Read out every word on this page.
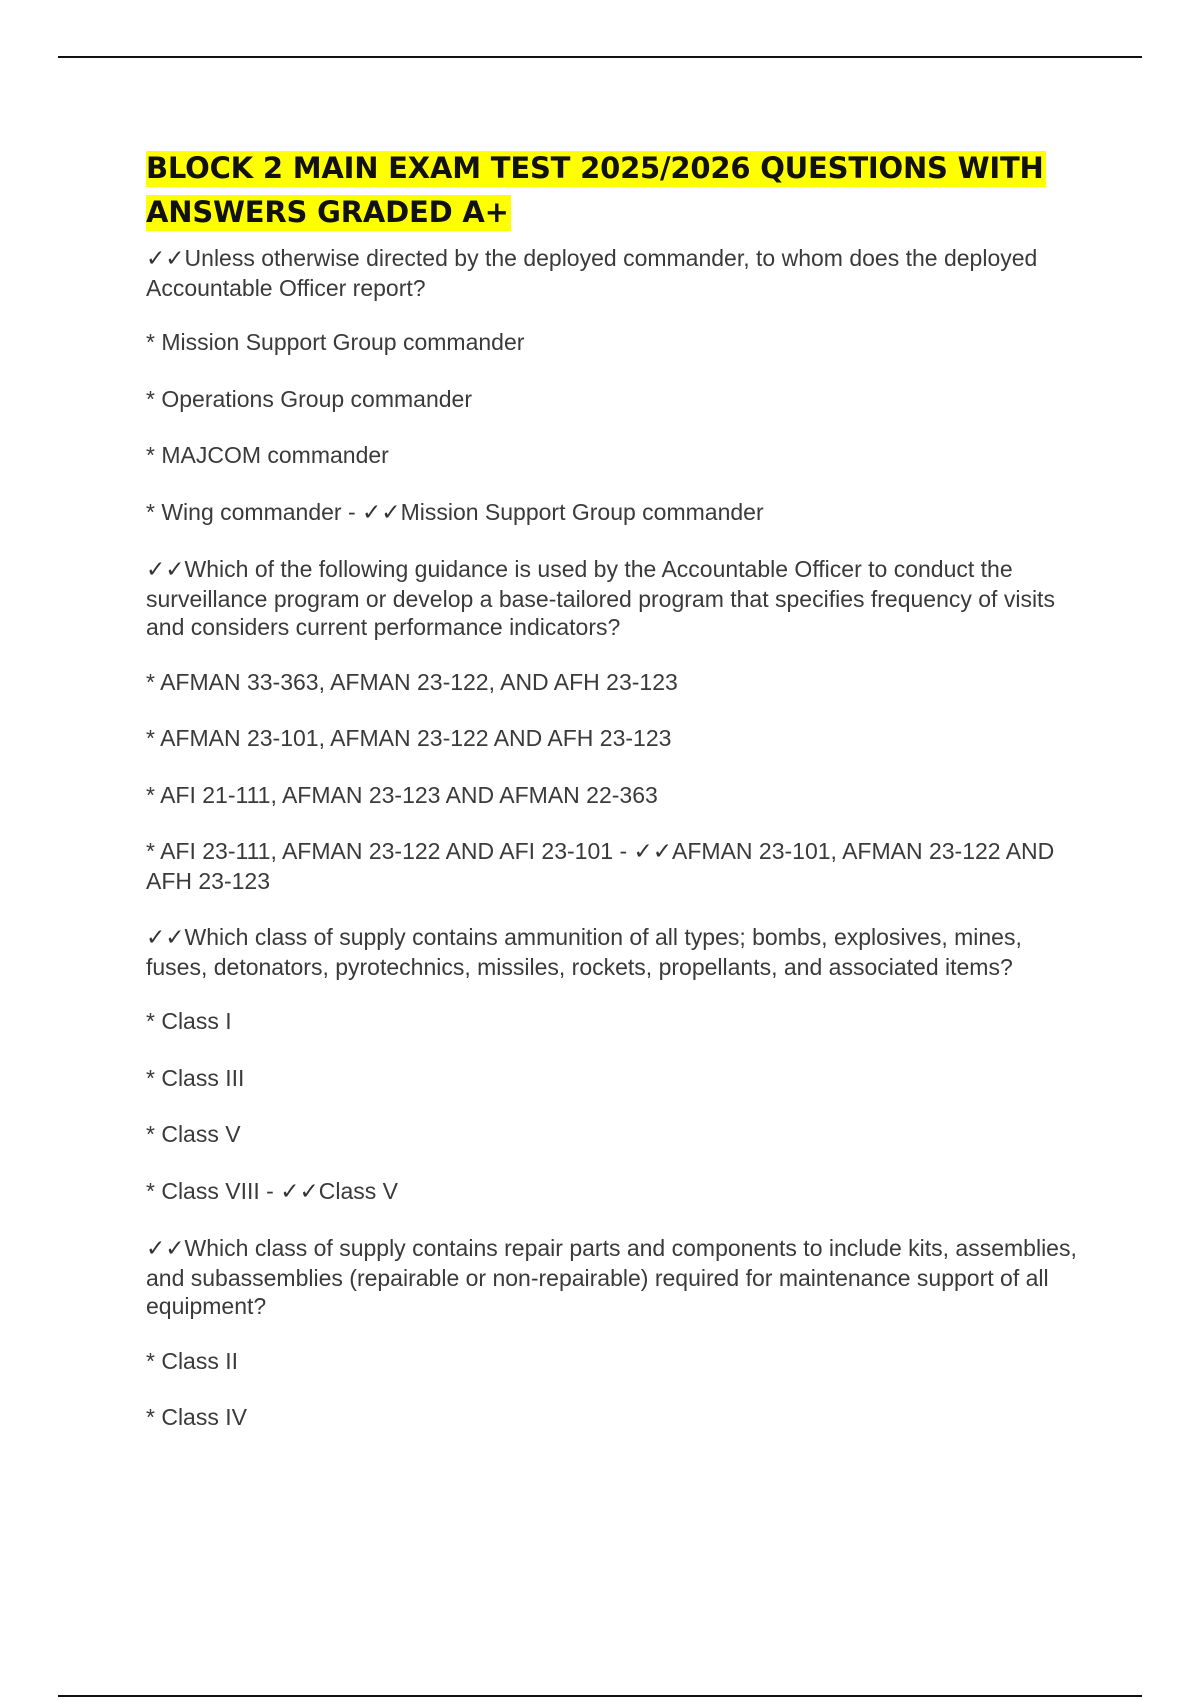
BLOCK 2 MAIN EXAM TEST 2025/2026 QUESTIONS WITH ANSWERS GRADED A+

✓✓Unless otherwise directed by the deployed commander, to whom does the deployed Accountable Officer report?

* Mission Support Group commander

* Operations Group commander

* MAJCOM commander

* Wing commander - ✓✓Mission Support Group commander

✓✓Which of the following guidance is used by the Accountable Officer to conduct the surveillance program or develop a base-tailored program that specifies frequency of visits and considers current performance indicators?

* AFMAN 33-363, AFMAN 23-122, AND AFH 23-123

* AFMAN 23-101, AFMAN 23-122 AND AFH 23-123

* AFI 21-111, AFMAN 23-123 AND AFMAN 22-363

* AFI 23-111, AFMAN 23-122 AND AFI 23-101 - ✓✓AFMAN 23-101, AFMAN 23-122 AND AFH 23-123

✓✓Which class of supply contains ammunition of all types; bombs, explosives, mines, fuses, detonators, pyrotechnics, missiles, rockets, propellants, and associated items?

* Class I

* Class III

* Class V

* Class VIII - ✓✓Class V

✓✓Which class of supply contains repair parts and components to include kits, assemblies, and subassemblies (repairable or non-repairable) required for maintenance support of all equipment?

* Class II

* Class IV
